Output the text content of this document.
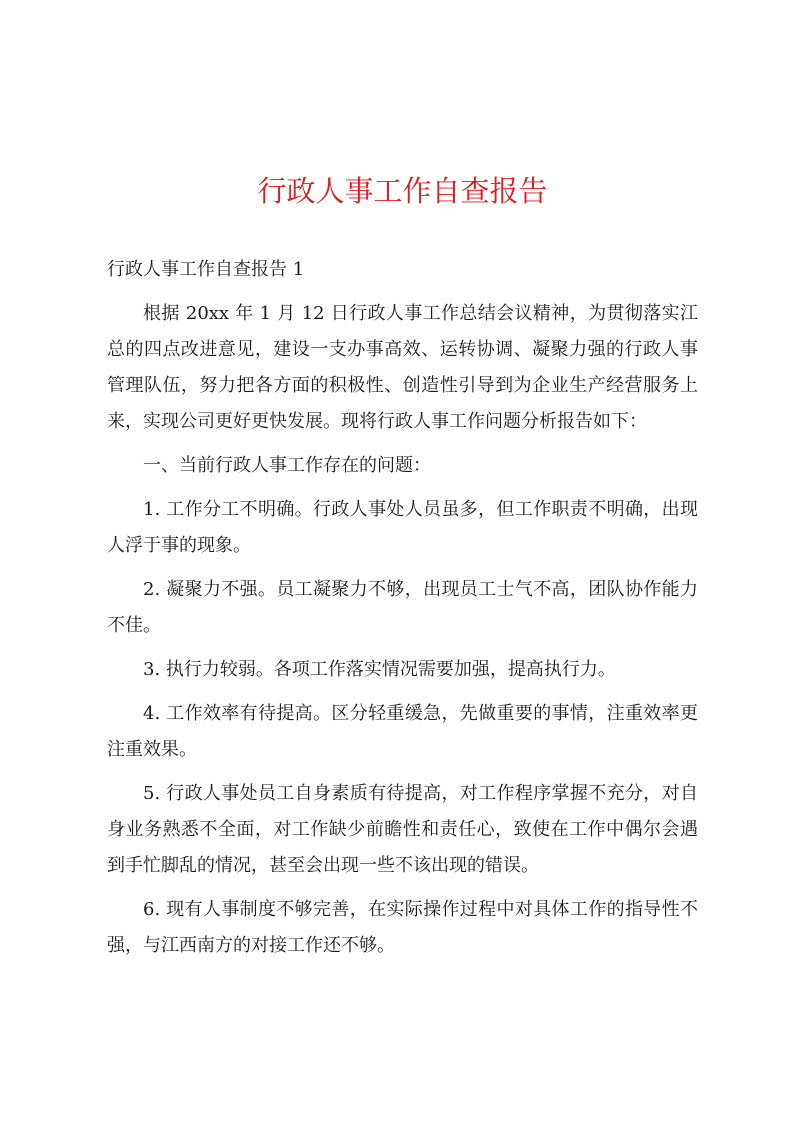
行政人事工作自查报告

行政人事工作自查报告 1

根据 20xx 年 1 月 12 日行政人事工作总结会议精神，为贯彻落实江总的四点改进意见，建设一支办事高效、运转协调、凝聚力强的行政人事管理队伍，努力把各方面的积极性、创造性引导到为企业生产经营服务上来，实现公司更好更快发展。现将行政人事工作问题分析报告如下：

一、当前行政人事工作存在的问题：

1. 工作分工不明确。行政人事处人员虽多，但工作职责不明确，出现人浮于事的现象。

2. 凝聚力不强。员工凝聚力不够，出现员工士气不高，团队协作能力不佳。

3. 执行力较弱。各项工作落实情况需要加强，提高执行力。

4. 工作效率有待提高。区分轻重缓急，先做重要的事情，注重效率更注重效果。

5. 行政人事处员工自身素质有待提高，对工作程序掌握不充分，对自身业务熟悉不全面，对工作缺少前瞻性和责任心，致使在工作中偶尔会遇到手忙脚乱的情况，甚至会出现一些不该出现的错误。

6. 现有人事制度不够完善，在实际操作过程中对具体工作的指导性不强，与江西南方的对接工作还不够。
